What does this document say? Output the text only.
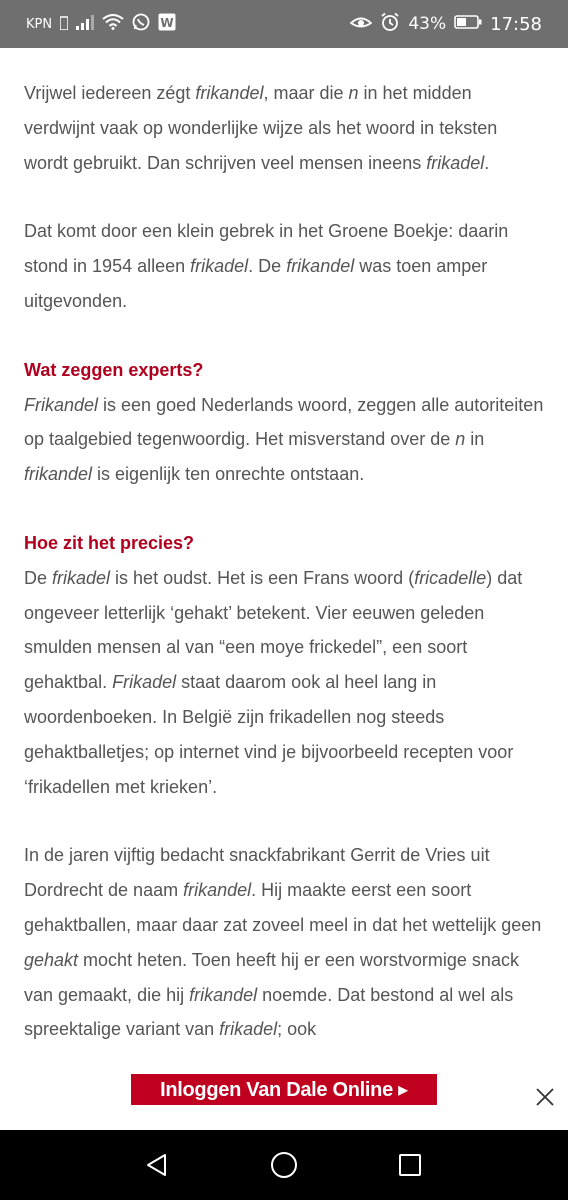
KPN	W	43% 17:58

Vrijwel iedereen zégt frikandel, maar die n in het midden verdwijnt vaak op wonderlijke wijze als het woord in teksten wordt gebruikt. Dan schrijven veel mensen ineens frikadel.

Dat komt door een klein gebrek in het Groene Boekje: daarin stond in 1954 alleen frikadel. De frikandel was toen amper uitgevonden.

Wat zeggen experts?

Frikandel is een goed Nederlands woord, zeggen alle autoriteiten op taalgebied tegenwoordig. Het misverstand over de n in frikandel is eigenlijk ten onrechte ontstaan.

Hoe zit het precies?

De frikadel is het oudst. Het is een Frans woord (fricadelle) dat ongeveer letterlijk ‘gehakt’ betekent. Vier eeuwen geleden smulden mensen al van “een moye frickedel”, een soort gehaktbal. Frikadel staat daarom ook al heel lang in woordenboeken. In België zijn frikadellen nog steeds gehaktballetjes; op internet vind je bijvoorbeeld recepten voor ‘frikadellen met krieken’.

In de jaren vijftig bedacht snackfabrikant Gerrit de Vries uit Dordrecht de naam frikandel. Hij maakte eerst een soort gehaktballen, maar daar zat zoveel meel in dat het wettelijk geen gehakt mocht heten. Toen heeft hij er een worstvormige snack van gemaakt, die hij frikandel noemde. Dat bestond al wel als spreektalige variant van frikadel; ook

Inloggen Van Dale Online ▸
